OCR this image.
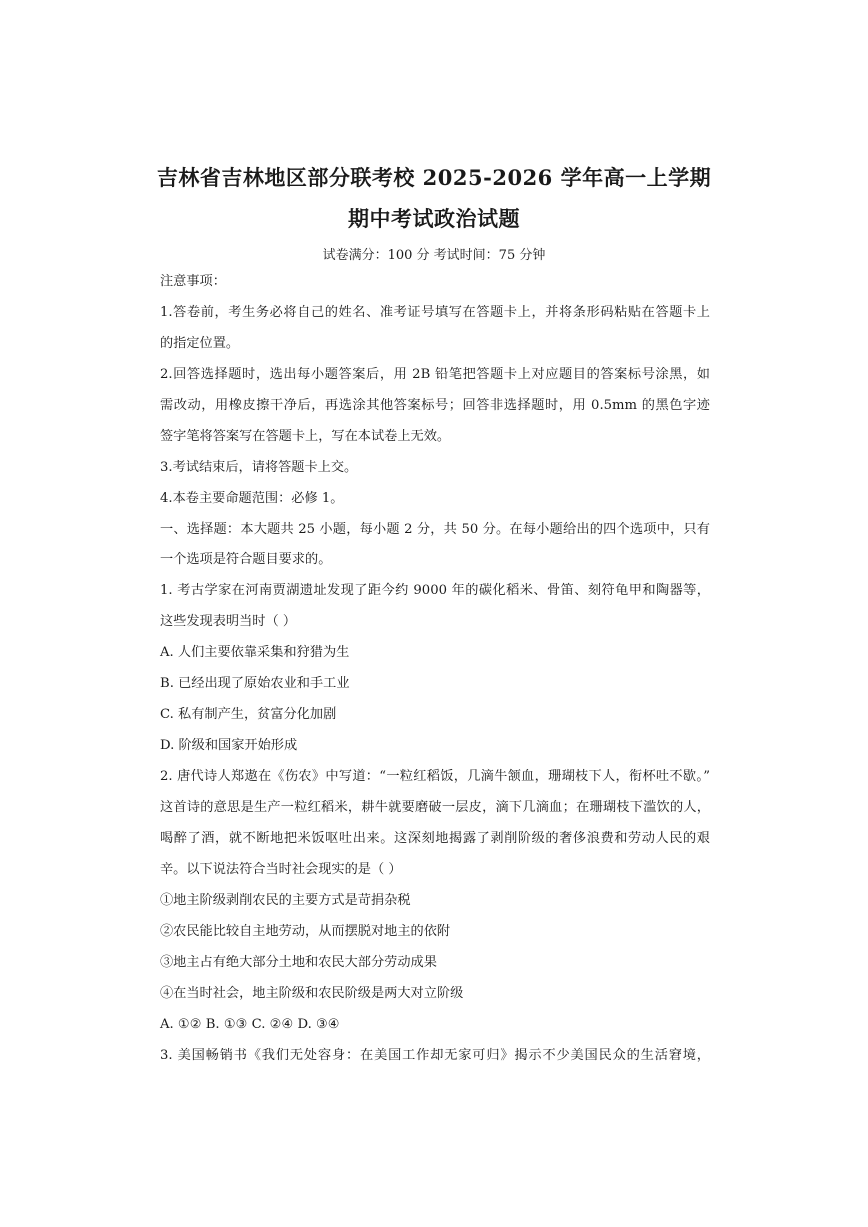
吉林省吉林地区部分联考校 2025-2026 学年高一上学期
期中考试政治试题
试卷满分：100 分 考试时间：75 分钟
注意事项：
1.答卷前，考生务必将自己的姓名、准考证号填写在答题卡上，并将条形码粘贴在答题卡上
的指定位置。
2.回答选择题时，选出每小题答案后，用 2B 铅笔把答题卡上对应题目的答案标号涂黑，如
需改动，用橡皮擦干净后，再选涂其他答案标号；回答非选择题时，用 0.5mm 的黑色字迹
签字笔将答案写在答题卡上，写在本试卷上无效。
3.考试结束后，请将答题卡上交。
4.本卷主要命题范围：必修 1。
一、选择题：本大题共 25 小题，每小题 2 分，共 50 分。在每小题给出的四个选项中，只有
一个选项是符合题目要求的。
1. 考古学家在河南贾湖遗址发现了距今约 9000 年的碳化稻米、骨笛、刻符龟甲和陶器等，
这些发现表明当时（ ）
A. 人们主要依靠采集和狩猎为生
B. 已经出现了原始农业和手工业
C. 私有制产生，贫富分化加剧
D. 阶级和国家开始形成
2. 唐代诗人郑遨在《伤农》中写道：“一粒红稻饭，几滴牛颔血，珊瑚枝下人，衔杯吐不歇。”
这首诗的意思是生产一粒红稻米，耕牛就要磨破一层皮，滴下几滴血；在珊瑚枝下滥饮的人，
喝醉了酒，就不断地把米饭呕吐出来。这深刻地揭露了剥削阶级的奢侈浪费和劳动人民的艰
辛。以下说法符合当时社会现实的是（ ）
①地主阶级剥削农民的主要方式是苛捐杂税
②农民能比较自主地劳动，从而摆脱对地主的依附
③地主占有绝大部分土地和农民大部分劳动成果
④在当时社会，地主阶级和农民阶级是两大对立阶级
A. ①② B. ①③ C. ②④ D. ③④
3. 美国畅销书《我们无处容身：在美国工作却无家可归》揭示不少美国民众的生活窘境，
